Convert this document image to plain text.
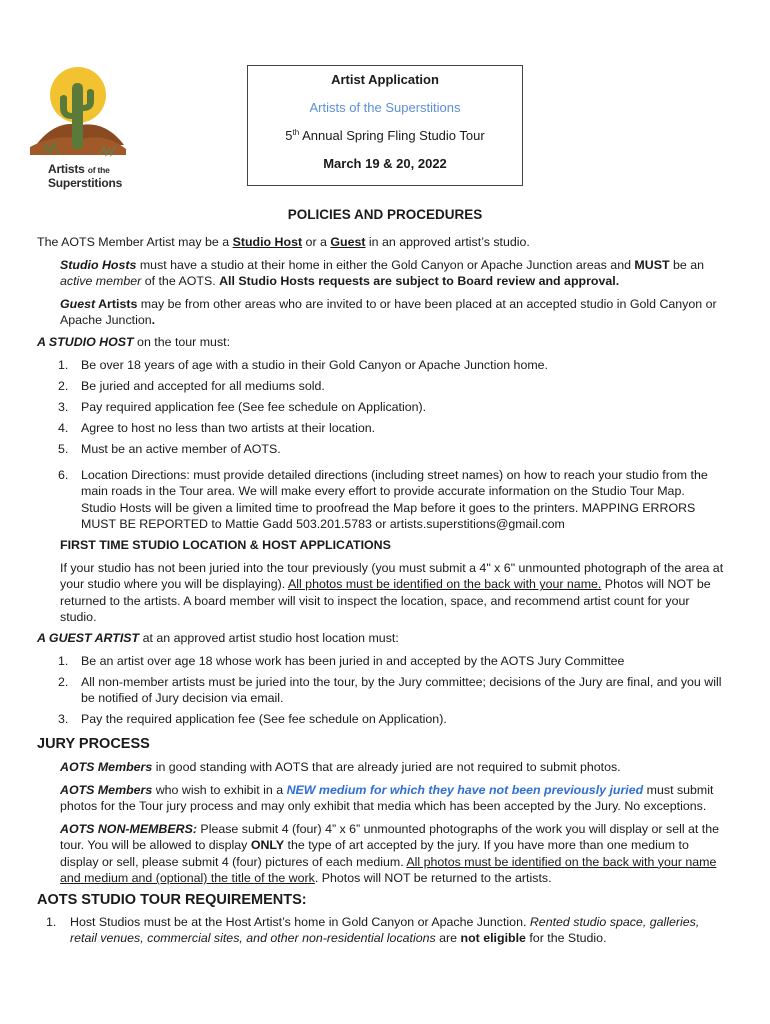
Artists of the
Superstitions
Artist Application
Artists of the Superstitions
5th Annual Spring Fling Studio Tour
March 19 & 20, 2022
POLICIES AND PROCEDURES
The AOTS Member Artist may be a Studio Host or a Guest in an approved artist’s studio.
Studio Hosts must have a studio at their home in either the Gold Canyon or Apache Junction areas and MUST be an
active member of the AOTS. All Studio Hosts requests are subject to Board review and approval.
Guest Artists may be from other areas who are invited to or have been placed at an accepted studio in Gold Canyon or
Apache Junction.
A STUDIO HOST on the tour must:
1.	Be over 18 years of age with a studio in their Gold Canyon or Apache Junction home.
2.	Be juried and accepted for all mediums sold.
3.	Pay required application fee (See fee schedule on Application).
4.	Agree to host no less than two artists at their location.
5.	Must be an active member of AOTS.
6.	Location Directions: must provide detailed directions (including street names) on how to reach your studio from the
main roads in the Tour area. We will make every effort to provide accurate information on the Studio Tour Map.
Studio Hosts will be given a limited time to proofread the Map before it goes to the printers. MAPPING ERRORS
MUST BE REPORTED to Mattie Gadd 503.201.5783 or artists.superstitions@gmail.com
FIRST TIME STUDIO LOCATION & HOST APPLICATIONS
If your studio has not been juried into the tour previously (you must submit a 4" x 6" unmounted photograph of the area at
your studio where you will be displaying). All photos must be identified on the back with your name. Photos will NOT be
returned to the artists. A board member will visit to inspect the location, space, and recommend artist count for your
studio.
A GUEST ARTIST at an approved artist studio host location must:
1.	Be an artist over age 18 whose work has been juried in and accepted by the AOTS Jury Committee
2.	All non-member artists must be juried into the tour, by the Jury committee; decisions of the Jury are final, and you will
be notified of Jury decision via email.
3.	Pay the required application fee (See fee schedule on Application).
JURY PROCESS
AOTS Members in good standing with AOTS that are already juried are not required to submit photos.
AOTS Members who wish to exhibit in a NEW medium for which they have not been previously juried must submit
photos for the Tour jury process and may only exhibit that media which has been accepted by the Jury. No exceptions.
AOTS NON-MEMBERS: Please submit 4 (four) 4” x 6” unmounted photographs of the work you will display or sell at the
tour. You will be allowed to display ONLY the type of art accepted by the jury. If you have more than one medium to
display or sell, please submit 4 (four) pictures of each medium. All photos must be identified on the back with your name
and medium and (optional) the title of the work. Photos will NOT be returned to the artists.
AOTS STUDIO TOUR REQUIREMENTS:
1.	Host Studios must be at the Host Artist’s home in Gold Canyon or Apache Junction. Rented studio space, galleries,
retail venues, commercial sites, and other non-residential locations are not eligible for the Studio.
